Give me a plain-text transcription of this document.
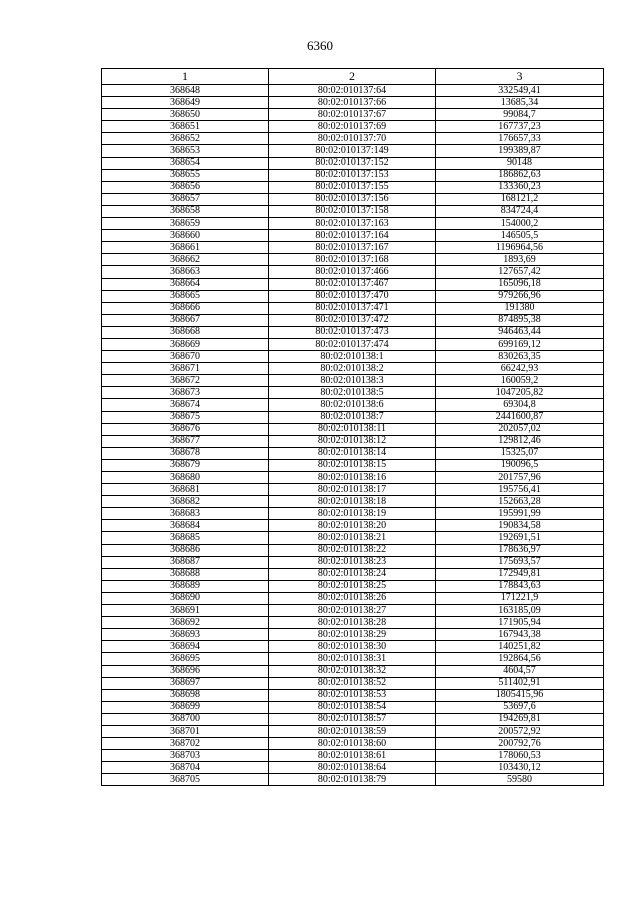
6360
1	2	3
368648	80:02:010137:64	332549,41
368649	80:02:010137:66	13685,34
368650	80:02:010137:67	99084,7
368651	80:02:010137:69	167737,23
368652	80:02:010137:70	176657,33
368653	80:02:010137:149	199389,87
368654	80:02:010137:152	90148
368655	80:02:010137:153	186862,63
368656	80:02:010137:155	133360,23
368657	80:02:010137:156	168121,2
368658	80:02:010137:158	834724,4
368659	80:02:010137:163	154000,2
368660	80:02:010137:164	146505,5
368661	80:02:010137:167	1196964,56
368662	80:02:010137:168	1893,69
368663	80:02:010137:466	127657,42
368664	80:02:010137:467	165096,18
368665	80:02:010137:470	979266,96
368666	80:02:010137:471	191380
368667	80:02:010137:472	874895,38
368668	80:02:010137:473	946463,44
368669	80:02:010137:474	699169,12
368670	80:02:010138:1	830263,35
368671	80:02:010138:2	66242,93
368672	80:02:010138:3	160059,2
368673	80:02:010138:5	1047205,82
368674	80:02:010138:6	69304,8
368675	80:02:010138:7	2441600,87
368676	80:02:010138:11	202057,02
368677	80:02:010138:12	129812,46
368678	80:02:010138:14	15325,07
368679	80:02:010138:15	190096,5
368680	80:02:010138:16	201757,96
368681	80:02:010138:17	195756,41
368682	80:02:010138:18	152663,28
368683	80:02:010138:19	195991,99
368684	80:02:010138:20	190834,58
368685	80:02:010138:21	192691,51
368686	80:02:010138:22	178636,97
368687	80:02:010138:23	175693,57
368688	80:02:010138:24	172949,81
368689	80:02:010138:25	178843,63
368690	80:02:010138:26	171221,9
368691	80:02:010138:27	163185,09
368692	80:02:010138:28	171905,94
368693	80:02:010138:29	167943,38
368694	80:02:010138:30	140251,82
368695	80:02:010138:31	192864,56
368696	80:02:010138:32	4604,57
368697	80:02:010138:52	511402,91
368698	80:02:010138:53	1805415,96
368699	80:02:010138:54	53697,6
368700	80:02:010138:57	194269,81
368701	80:02:010138:59	200572,92
368702	80:02:010138:60	200792,76
368703	80:02:010138:61	178060,53
368704	80:02:010138:64	103430,12
368705	80:02:010138:79	59580
